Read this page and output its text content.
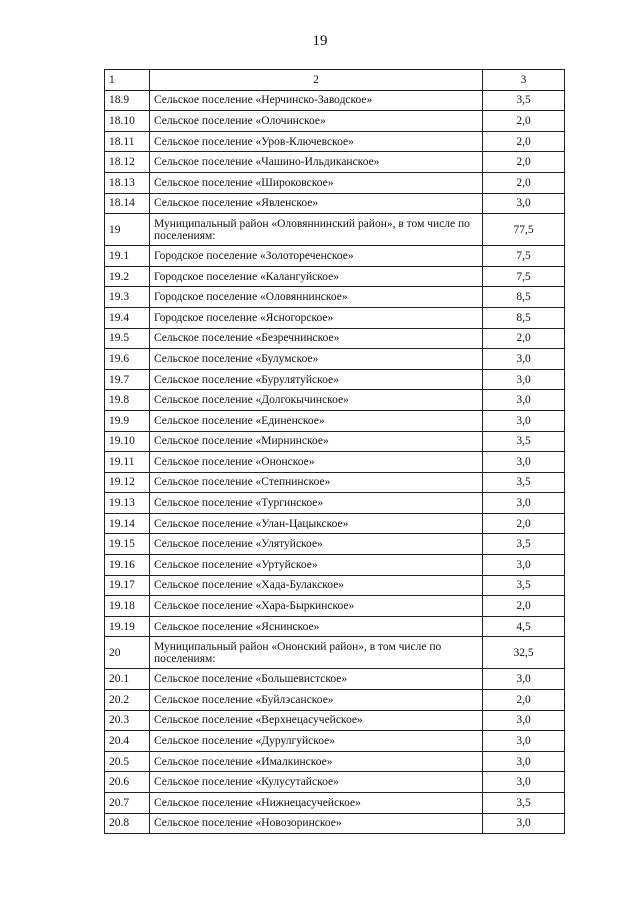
19
1	2	3
18.9	Сельское поселение «Нерчинско-Заводское»	3,5
18.10	Сельское поселение «Олочинское»	2,0
18.11	Сельское поселение «Уров-Ключевское»	2,0
18.12	Сельское поселение «Чашино-Ильдиканское»	2,0
18.13	Сельское поселение «Широковское»	2,0
18.14	Сельское поселение «Явленское»	3,0
19	Муниципальный район «Оловяннинский район», в том числе по поселениям:	77,5
19.1	Городское поселение «Золотореченское»	7,5
19.2	Городское поселение «Калангуйское»	7,5
19.3	Городское поселение «Оловяннинское»	8,5
19.4	Городское поселение «Ясногорское»	8,5
19.5	Сельское поселение «Безречнинское»	2,0
19.6	Сельское поселение «Булумское»	3,0
19.7	Сельское поселение «Бурулятуйское»	3,0
19.8	Сельское поселение «Долгокычинское»	3,0
19.9	Сельское поселение «Единенское»	3,0
19.10	Сельское поселение «Мирнинское»	3,5
19.11	Сельское поселение «Ононское»	3,0
19.12	Сельское поселение «Степнинское»	3,5
19.13	Сельское поселение «Тургинское»	3,0
19.14	Сельское поселение «Улан-Цацыкское»	2,0
19.15	Сельское поселение «Улятуйское»	3,5
19.16	Сельское поселение «Уртуйское»	3,0
19.17	Сельское поселение «Хада-Булакское»	3,5
19.18	Сельское поселение «Хара-Быркинское»	2,0
19.19	Сельское поселение «Яснинское»	4,5
20	Муниципальный район «Ононский район», в том числе по поселениям:	32,5
20.1	Сельское поселение «Большевистское»	3,0
20.2	Сельское поселение «Буйлэсанское»	2,0
20.3	Сельское поселение «Верхнецасучейское»	3,0
20.4	Сельское поселение «Дурулгуйское»	3,0
20.5	Сельское поселение «Ималкинское»	3,0
20.6	Сельское поселение «Кулусутайское»	3,0
20.7	Сельское поселение «Нижнецасучейское»	3,5
20.8	Сельское поселение «Новозоринское»	3,0
